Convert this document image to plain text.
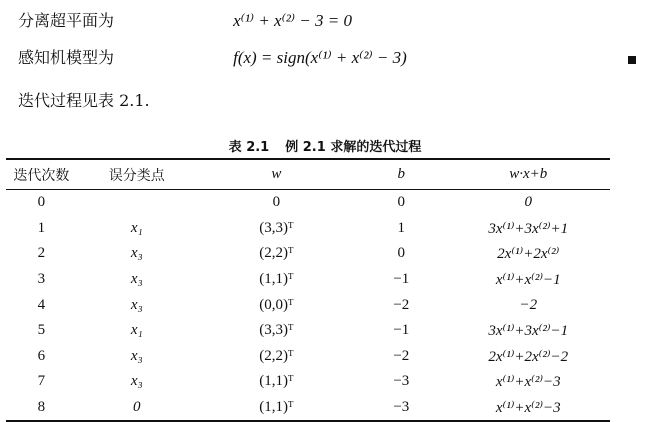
分离超平面为	x⁽¹⁾ + x⁽²⁾ − 3 = 0
感知机模型为	f(x) = sign(x⁽¹⁾ + x⁽²⁾ − 3)
迭代过程见表 2.1.
表 2.1 例 2.1 求解的迭代过程
迭代次数	误分类点	w	b	w·x+b
0		0	0	0
1	x₁	(3,3)ᵀ	1	3x⁽¹⁾+3x⁽²⁾+1
2	x₃	(2,2)ᵀ	0	2x⁽¹⁾+2x⁽²⁾
3	x₃	(1,1)ᵀ	−1	x⁽¹⁾+x⁽²⁾−1
4	x₃	(0,0)ᵀ	−2	−2
5	x₁	(3,3)ᵀ	−1	3x⁽¹⁾+3x⁽²⁾−1
6	x₃	(2,2)ᵀ	−2	2x⁽¹⁾+2x⁽²⁾−2
7	x₃	(1,1)ᵀ	−3	x⁽¹⁾+x⁽²⁾−3
8	0	(1,1)ᵀ	−3	x⁽¹⁾+x⁽²⁾−3
